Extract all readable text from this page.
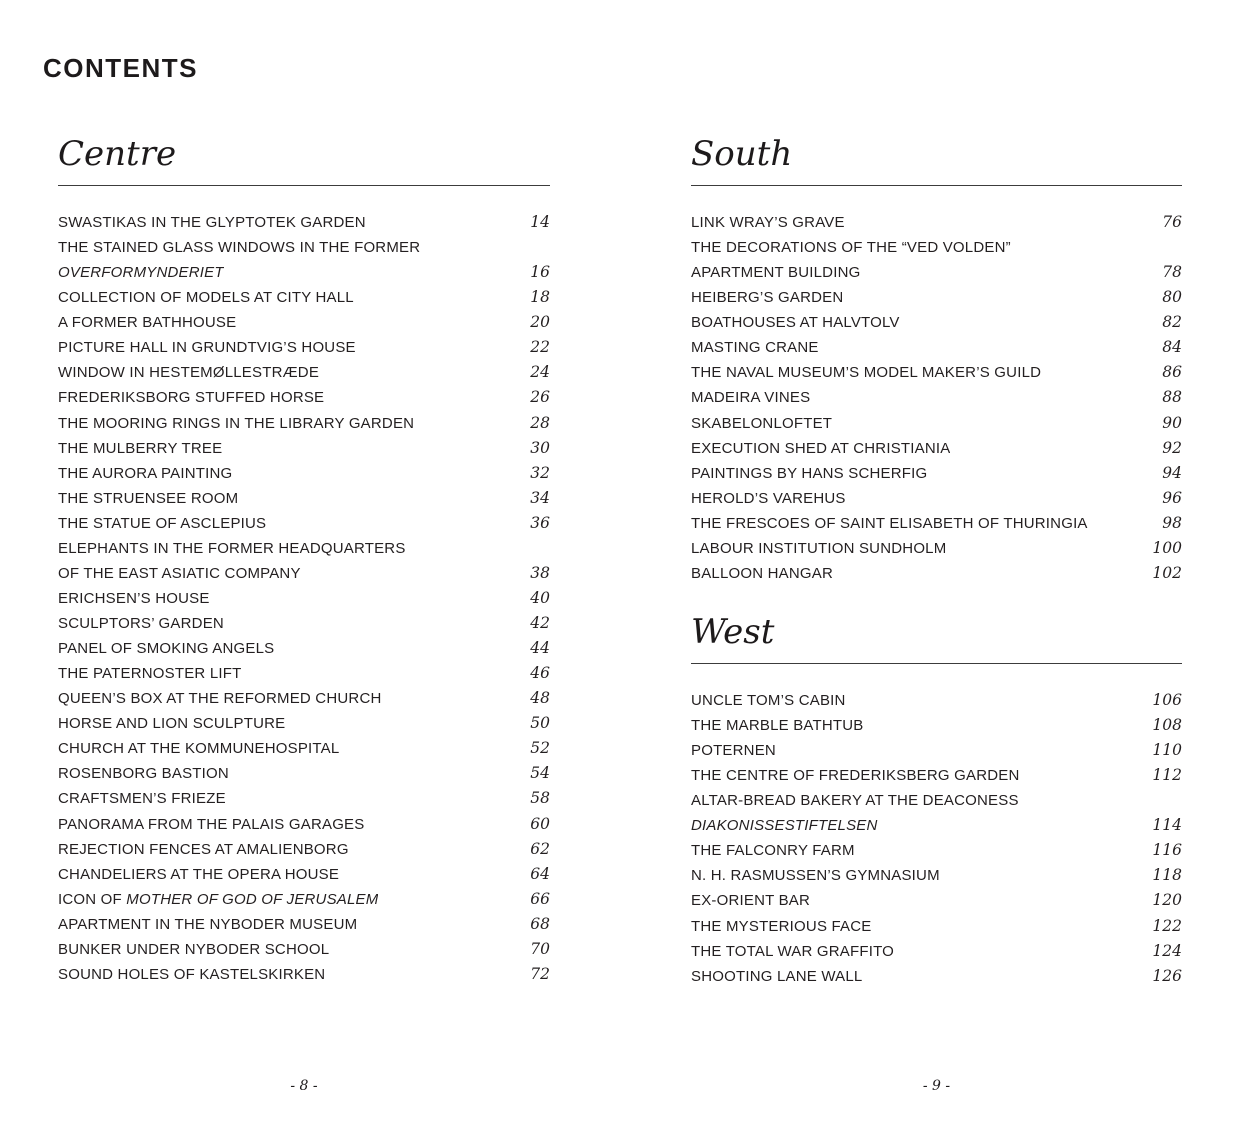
CONTENTS
Centre
SWASTIKAS IN THE GLYPTOTEK GARDEN	14
THE STAINED GLASS WINDOWS IN THE FORMER
OVERFORMYNDERIET	16
COLLECTION OF MODELS AT CITY HALL	18
A FORMER BATHHOUSE	20
PICTURE HALL IN GRUNDTVIG’S HOUSE	22
WINDOW IN HESTEMØLLESTRÆDE	24
FREDERIKSBORG STUFFED HORSE	26
THE MOORING RINGS IN THE LIBRARY GARDEN	28
THE MULBERRY TREE	30
THE AURORA PAINTING	32
THE STRUENSEE ROOM	34
THE STATUE OF ASCLEPIUS	36
ELEPHANTS IN THE FORMER HEADQUARTERS
OF THE EAST ASIATIC COMPANY	38
ERICHSEN’S HOUSE	40
SCULPTORS’ GARDEN	42
PANEL OF SMOKING ANGELS	44
THE PATERNOSTER LIFT	46
QUEEN’S BOX AT THE REFORMED CHURCH	48
HORSE AND LION SCULPTURE	50
CHURCH AT THE KOMMUNEHOSPITAL	52
ROSENBORG BASTION	54
CRAFTSMEN’S FRIEZE	58
PANORAMA FROM THE PALAIS GARAGES	60
REJECTION FENCES AT AMALIENBORG	62
CHANDELIERS AT THE OPERA HOUSE	64
ICON OF MOTHER OF GOD OF JERUSALEM	66
APARTMENT IN THE NYBODER MUSEUM	68
BUNKER UNDER NYBODER SCHOOL	70
SOUND HOLES OF KASTELSKIRKEN	72
South
LINK WRAY’S GRAVE	76
THE DECORATIONS OF THE “VED VOLDEN”
APARTMENT BUILDING	78
HEIBERG’S GARDEN	80
BOATHOUSES AT HALVTOLV	82
MASTING CRANE	84
THE NAVAL MUSEUM’S MODEL MAKER’S GUILD	86
MADEIRA VINES	88
SKABELONLOFTET	90
EXECUTION SHED AT CHRISTIANIA	92
PAINTINGS BY HANS SCHERFIG	94
HEROLD’S VAREHUS	96
THE FRESCOES OF SAINT ELISABETH OF THURINGIA	98
LABOUR INSTITUTION SUNDHOLM	100
BALLOON HANGAR	102
West
UNCLE TOM’S CABIN	106
THE MARBLE BATHTUB	108
POTERNEN	110
THE CENTRE OF FREDERIKSBERG GARDEN	112
ALTAR-BREAD BAKERY AT THE DEACONESS
DIAKONISSESTIFTELSEN	114
THE FALCONRY FARM	116
N. H. RASMUSSEN’S GYMNASIUM	118
EX-ORIENT BAR	120
THE MYSTERIOUS FACE	122
THE TOTAL WAR GRAFFITO	124
SHOOTING LANE WALL	126
- 8 -	- 9 -
